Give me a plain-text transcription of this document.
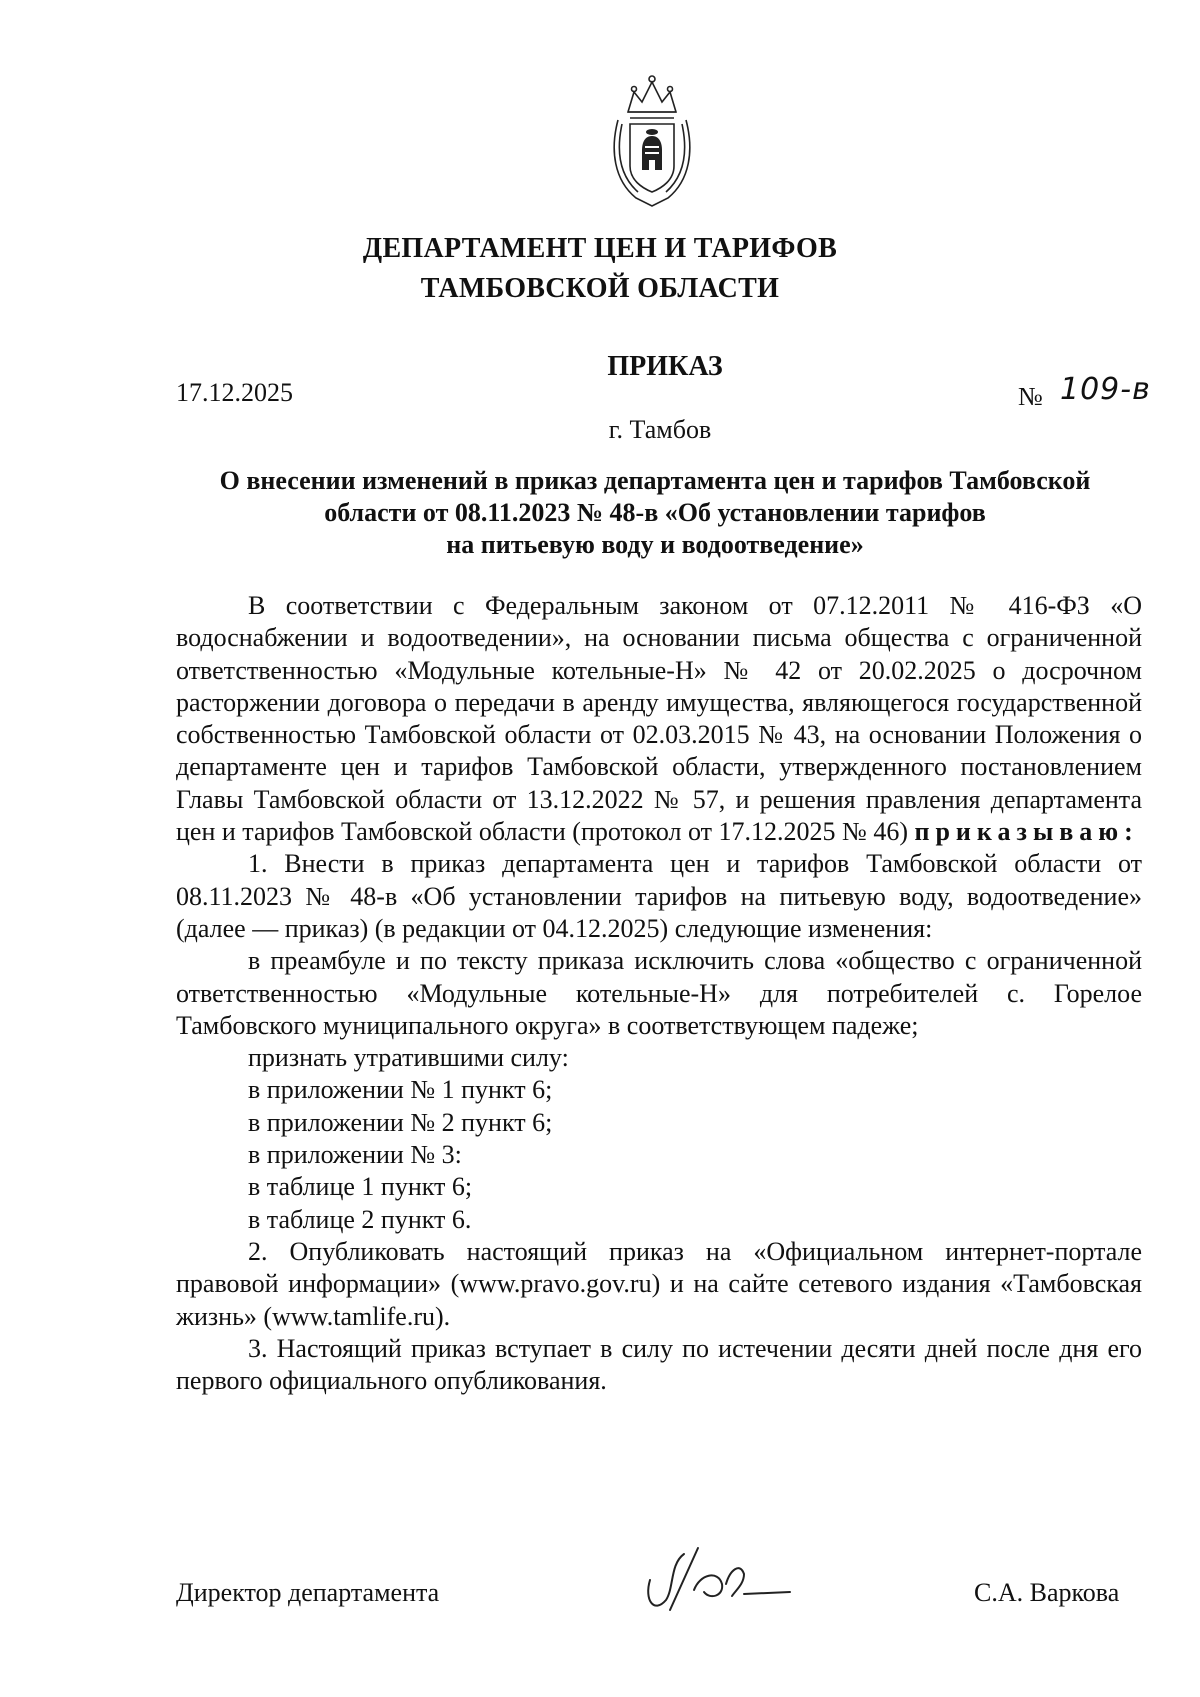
ДЕПАРТАМЕНТ ЦЕН И ТАРИФОВ
ТАМБОВСКОЙ ОБЛАСТИ
ПРИКАЗ
17.12.2025	№ 109-в
г. Тамбов
О внесении изменений в приказ департамента цен и тарифов Тамбовской
области от 08.11.2023 № 48-в «Об установлении тарифов
на питьевую воду и водоотведение»

В соответствии с Федеральным законом от 07.12.2011 № 416-ФЗ «О водоснабжении и водоотведении», на основании письма общества с ограниченной ответственностью «Модульные котельные-Н» № 42 от 20.02.2025 о досрочном расторжении договора о передачи в аренду имущества, являющегося государственной собственностью Тамбовской области от 02.03.2015 № 43, на основании Положения о департаменте цен и тарифов Тамбовской области, утвержденного постановлением Главы Тамбовской области от 13.12.2022 № 57, и решения правления департамента цен и тарифов Тамбовской области (протокол от 17.12.2025 № 46) приказываю:

1. Внести в приказ департамента цен и тарифов Тамбовской области от 08.11.2023 № 48-в «Об установлении тарифов на питьевую воду, водоотведение» (далее — приказ) (в редакции от 04.12.2025) следующие изменения:

в преамбуле и по тексту приказа исключить слова «общество с ограниченной ответственностью «Модульные котельные-Н» для потребителей с. Горелое Тамбовского муниципального округа» в соответствующем падеже;

признать утратившими силу:

в приложении № 1 пункт 6;

в приложении № 2 пункт 6;

в приложении № 3:

в таблице 1 пункт 6;

в таблице 2 пункт 6.

2. Опубликовать настоящий приказ на «Официальном интернет-портале правовой информации» (www.pravo.gov.ru) и на сайте сетевого издания «Тамбовская жизнь» (www.tamlife.ru).

3. Настоящий приказ вступает в силу по истечении десяти дней после дня его первого официального опубликования.

Директор департамента	С.А. Варкова
